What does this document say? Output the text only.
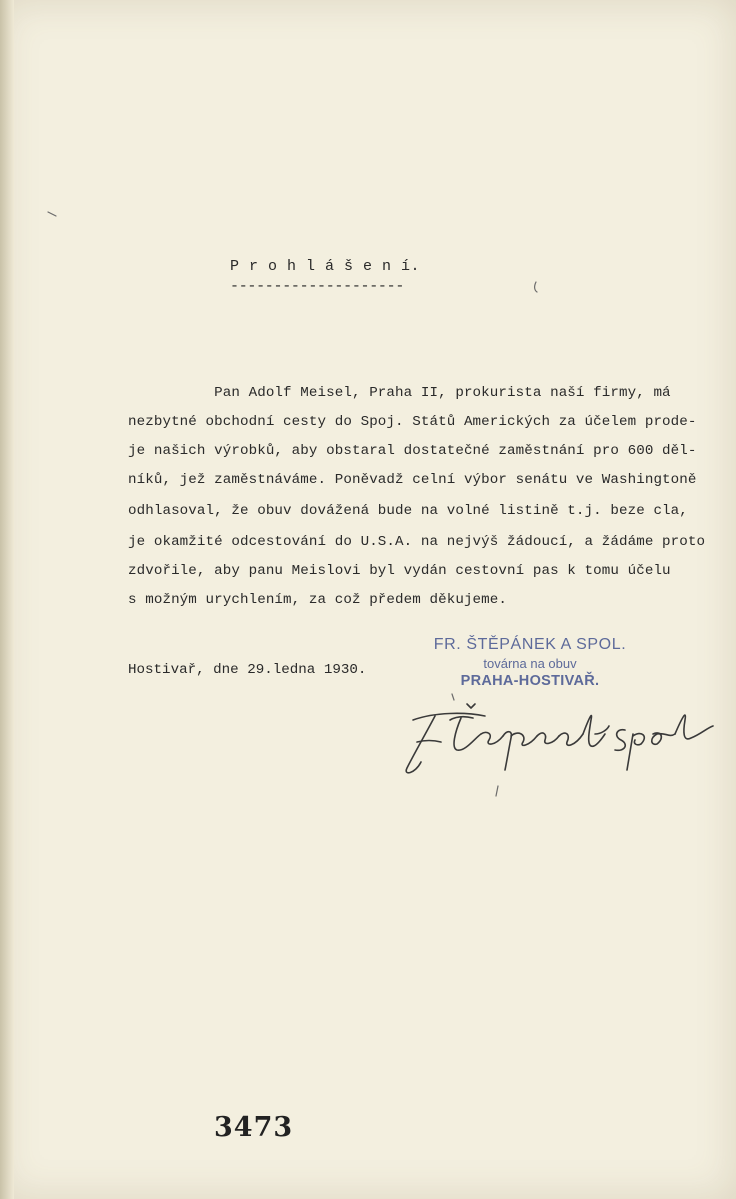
P r o h l á š e n í.
--------------------
Pan Adolf Meisel, Praha II, prokurista naší firmy, má
nezbytné obchodní cesty do Spoj. Států Amerických za účelem prode-
je našich výrobků, aby obstaral dostatečné zaměstnání pro 600 děl-
níků, jež zaměstnáváme. Poněvadž celní výbor senátu ve Washingtoně
odhlasoval, že obuv dovážená bude na volné listině t.j. beze cla,
je okamžité odcestování do U.S.A. na nejvýš žádoucí, a žádáme proto
zdvořile, aby panu Meislovi byl vydán cestovní pas k tomu účelu
s možným urychlením, za což předem děkujeme.
Hostivař, dne 29.ledna 1930.
FR. ŠTĚPÁNEK A SPOL.
továrna na obuv
PRAHA-HOSTIVAŘ.
3473
